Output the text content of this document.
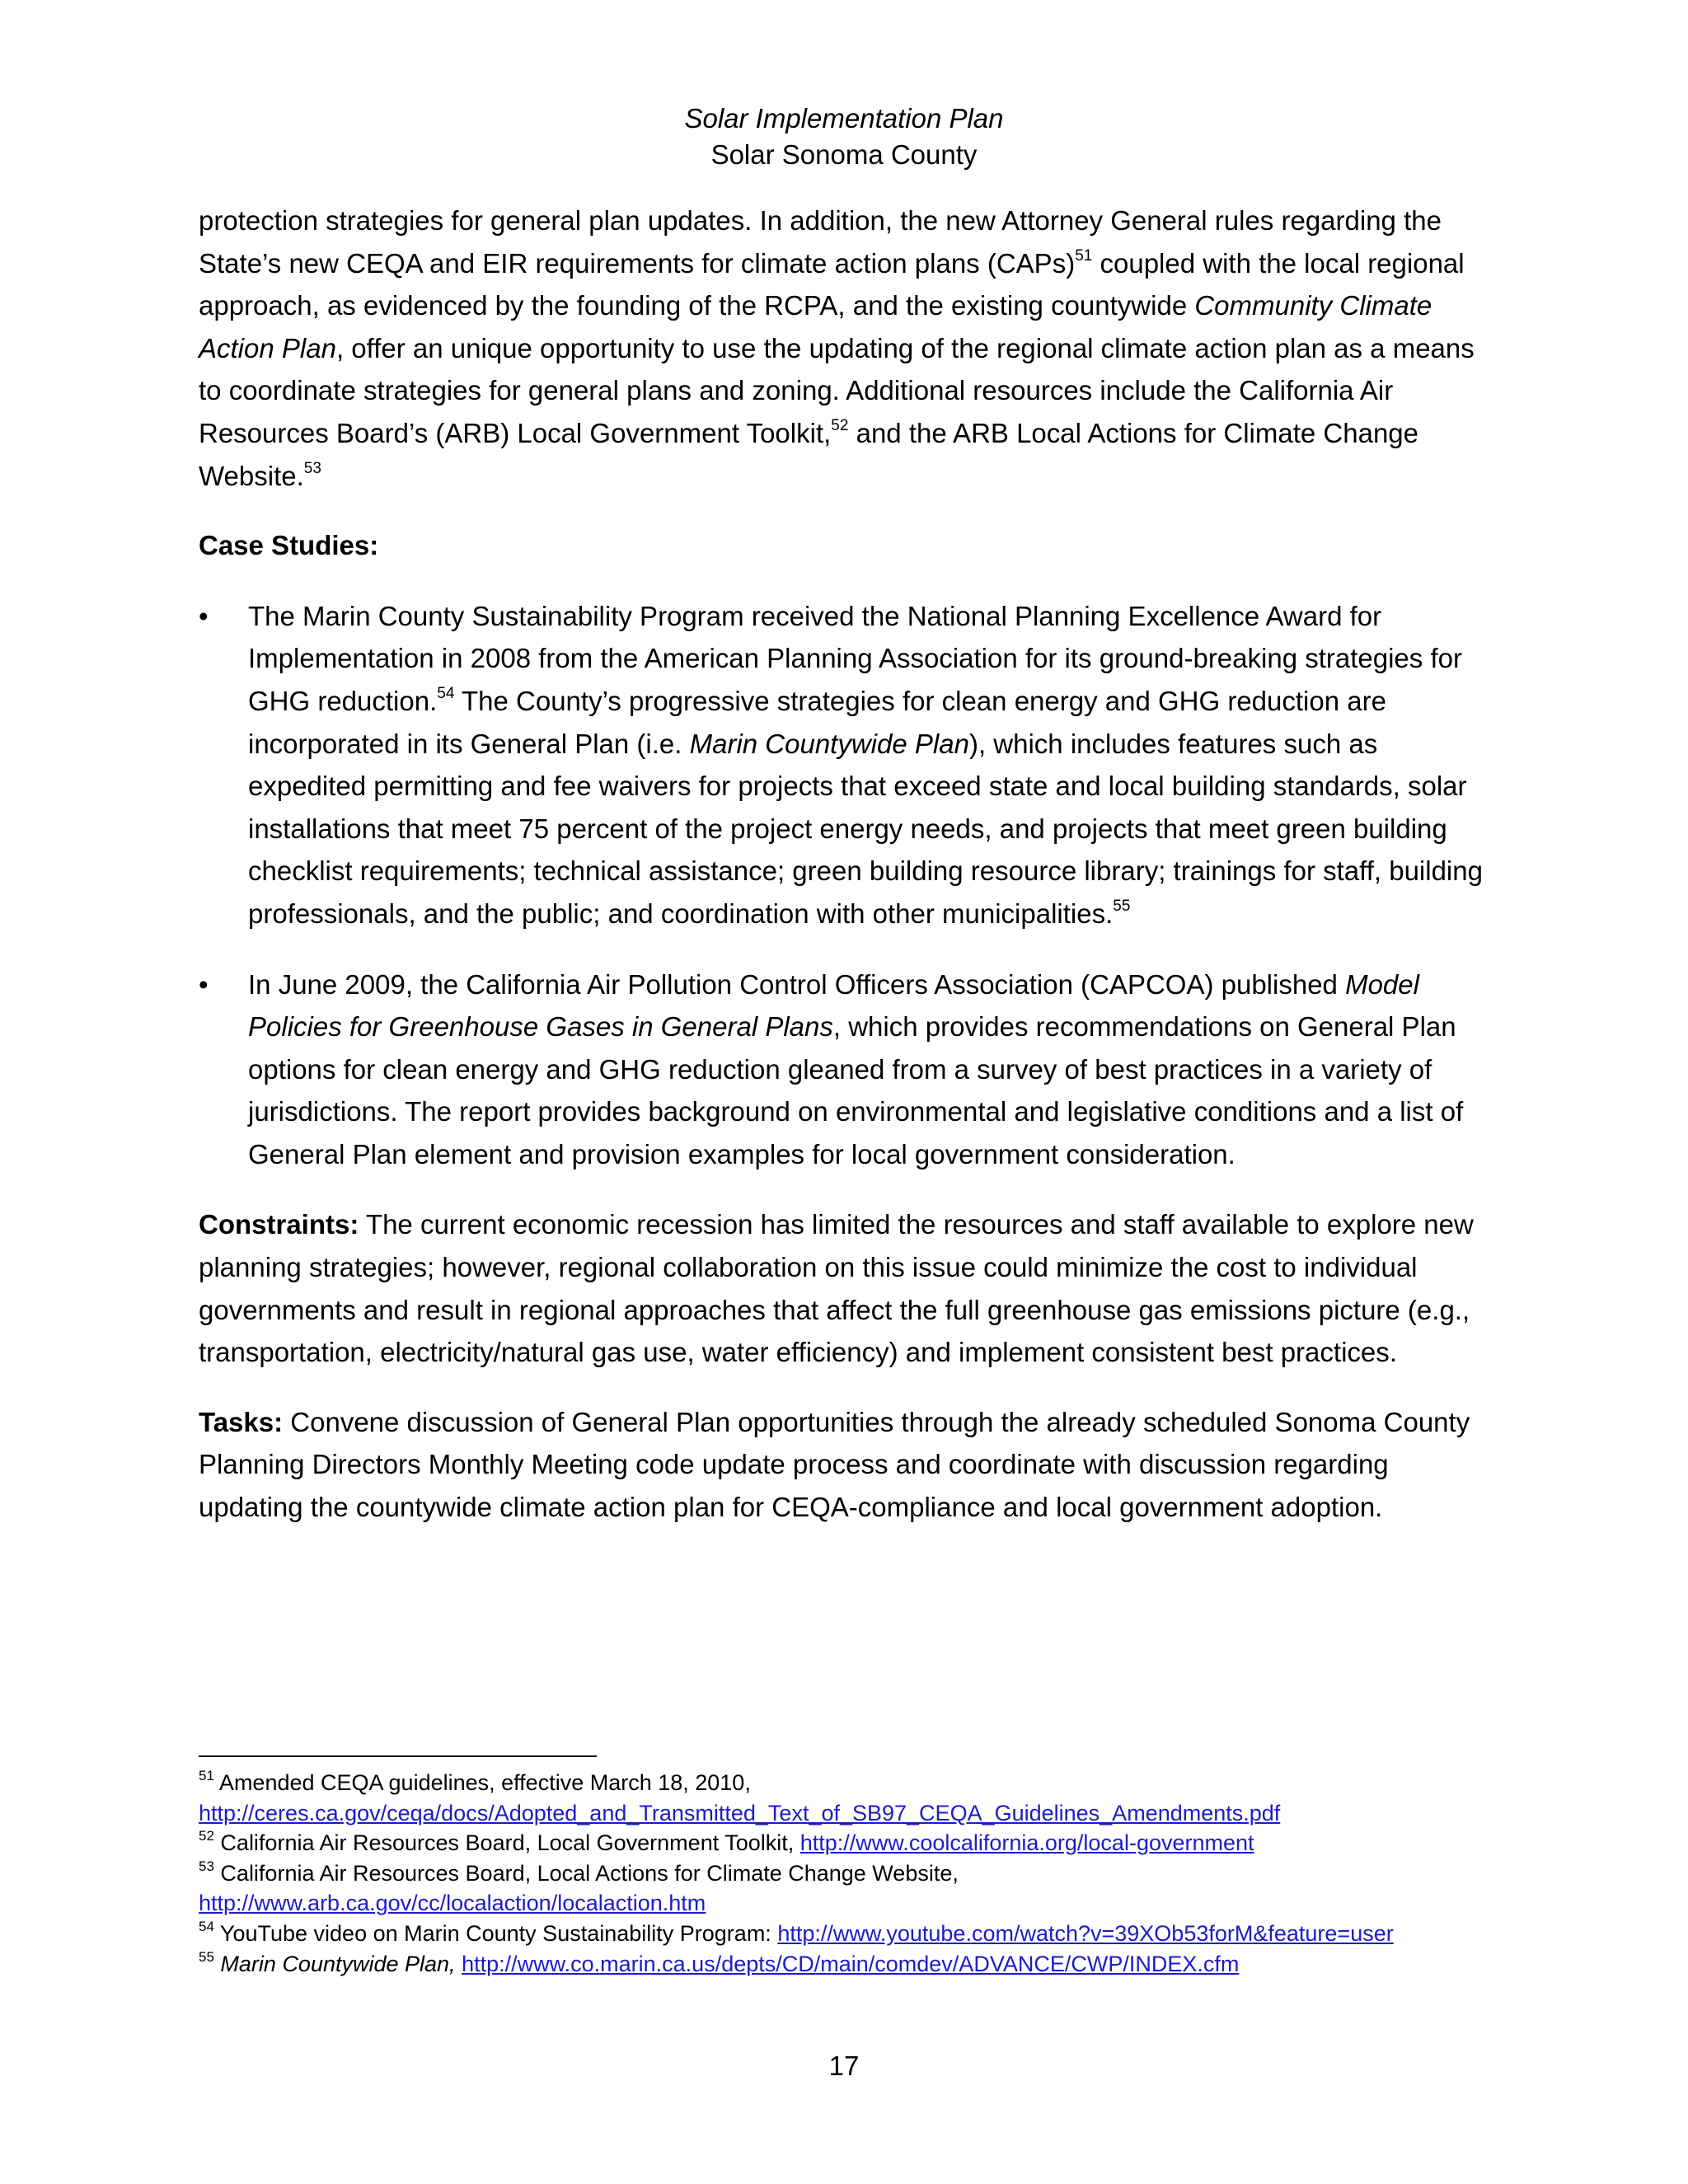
Solar Implementation Plan
Solar Sonoma County

protection strategies for general plan updates. In addition, the new Attorney General rules regarding the State’s new CEQA and EIR requirements for climate action plans (CAPs)$^{51}$ coupled with the local regional approach, as evidenced by the founding of the RCPA, and the existing countywide Community Climate Action Plan, offer an unique opportunity to use the updating of the regional climate action plan as a means to coordinate strategies for general plans and zoning. Additional resources include the California Air Resources Board’s (ARB) Local Government Toolkit,$^{52}$ and the ARB Local Actions for Climate Change Website.$^{53}$

Case Studies:

• The Marin County Sustainability Program received the National Planning Excellence Award for Implementation in 2008 from the American Planning Association for its ground-breaking strategies for GHG reduction.$^{54}$ The County’s progressive strategies for clean energy and GHG reduction are incorporated in its General Plan (i.e. Marin Countywide Plan), which includes features such as expedited permitting and fee waivers for projects that exceed state and local building standards, solar installations that meet 75 percent of the project energy needs, and projects that meet green building checklist requirements; technical assistance; green building resource library; trainings for staff, building professionals, and the public; and coordination with other municipalities.$^{55}$
• In June 2009, the California Air Pollution Control Officers Association (CAPCOA) published Model Policies for Greenhouse Gases in General Plans, which provides recommendations on General Plan options for clean energy and GHG reduction gleaned from a survey of best practices in a variety of jurisdictions. The report provides background on environmental and legislative conditions and a list of General Plan element and provision examples for local government consideration.

Constraints: The current economic recession has limited the resources and staff available to explore new planning strategies; however, regional collaboration on this issue could minimize the cost to individual governments and result in regional approaches that affect the full greenhouse gas emissions picture (e.g., transportation, electricity/natural gas use, water efficiency) and implement consistent best practices.

Tasks: Convene discussion of General Plan opportunities through the already scheduled Sonoma County Planning Directors Monthly Meeting code update process and coordinate with discussion regarding updating the countywide climate action plan for CEQA-compliance and local government adoption.

$^{51}$ Amended CEQA guidelines, effective March 18, 2010,

http://ceres.ca.gov/ceqa/docs/Adopted_and_Transmitted_Text_of_SB97_CEQA_Guidelines_Amendments.pdf

$^{52}$ California Air Resources Board, Local Government Toolkit, http://www.coolcalifornia.org/local-government

$^{53}$ California Air Resources Board, Local Actions for Climate Change Website,

http://www.arb.ca.gov/cc/localaction/localaction.htm

$^{54}$ YouTube video on Marin County Sustainability Program: http://www.youtube.com/watch?v=39XOb53forM&feature=user

$^{55}$ Marin Countywide Plan, http://www.co.marin.ca.us/depts/CD/main/comdev/ADVANCE/CWP/INDEX.cfm

17
